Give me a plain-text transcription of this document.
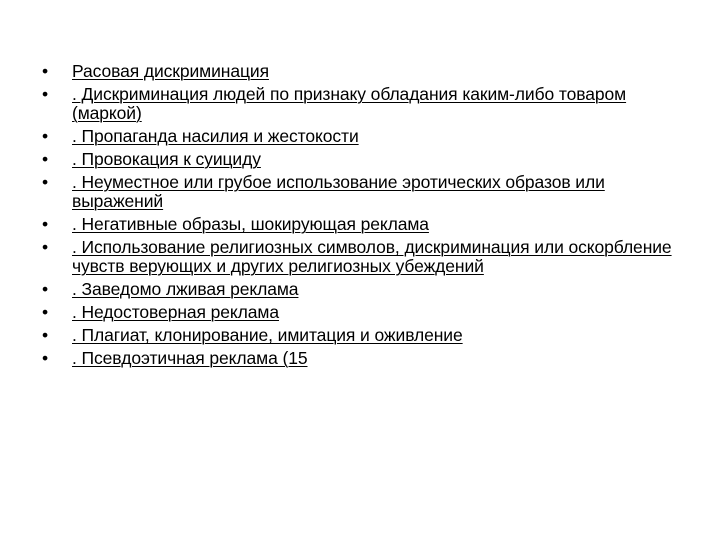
•	Расовая дискриминация
•	. Дискриминация людей по признаку обладания каким-либо товаром (маркой)
•	. Пропаганда насилия и жестокости
•	. Провокация к суициду
•	. Неуместное или грубое использование эротических образов или выражений
•	. Негативные образы, шокирующая реклама
•	. Использование религиозных символов, дискриминация или оскорбление чувств верующих и других религиозных убеждений
•	. Заведомо лживая реклама
•	. Недостоверная реклама
•	. Плагиат, клонирование, имитация и оживление
•	. Псевдоэтичная реклама (15
